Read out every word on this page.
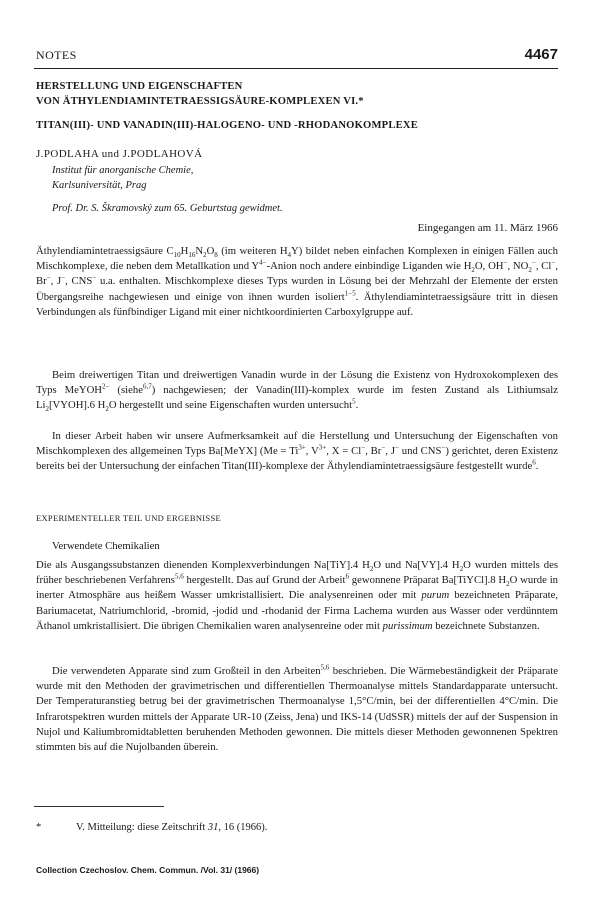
NOTES	4467
HERSTELLUNG UND EIGENSCHAFTEN
VON ÄTHYLENDIAMINTETRAESSIGSÄURE-KOMPLEXEN VI.*
TITAN(III)- UND VANADIN(III)-HALOGENO- UND -RHODANOKOMPLEXE
J.PODLAHA und J.PODLAHOVÁ
Institut für anorganische Chemie,
Karlsuniversität, Prag
Prof. Dr. S. Škramovský zum 65. Geburtstag gewidmet.
Eingegangen am 11. März 1966

Äthylendiamintetraessigsäure $C_{10}H_{16}N_2O_8$ (im weiteren $H_4Y$) bildet neben einfachen Komplexen in einigen Fällen auch Mischkomplexe, die neben dem Metallkation und $Y^{4-}$-Anion noch andere einbindige Liganden wie $H_2O$, OH−, $NO_2^-$, Cl−, Br−, J−, CNS− u.a. enthalten. Mischkomplexe dieses Typs wurden in Lösung bei der Mehrzahl der Elemente der ersten Übergangsreihe nachgewiesen und einige von ihnen wurden isoliert$^{1-5}$. Äthylendiamintetraessigsäure tritt in diesen Verbindungen als fünfbindiger Ligand mit einer nichtkoordinierten Carboxylgruppe auf.

Beim dreiwertigen Titan und dreiwertigen Vanadin wurde in der Lösung die Existenz von Hydroxokomplexen des Typs MeYOH$^{2-}$ (siehe$^{6,7}$) nachgewiesen; der Vanadin(III)-komplex wurde im festen Zustand als Lithiumsalz $Li_2[VYOH].6$ $H_2O$ hergestellt und seine Eigenschaften wurden untersucht$^5$.

In dieser Arbeit haben wir unsere Aufmerksamkeit auf die Herstellung und Untersuchung der Eigenschaften von Mischkomplexen des allgemeinen Typs Ba[MeYX] ($Me = Ti^{3+}$, $V^{3+}$, X = Cl−, Br−, J− und CNS−) gerichtet, deren Existenz bereits bei der Untersuchung der einfachen Titan(III)-komplexe der Äthylendiamintetraessigsäure festgestellt wurde$^6$.

EXPERIMENTELLER TEIL UND ERGEBNISSE
Verwendete Chemikalien

Die als Ausgangssubstanzen dienenden Komplexverbindungen Na[TiY].4 $H_2O$ und Na[VY].4 $H_2O$ wurden mittels des früher beschriebenen Verfahrens$^{5,6}$ hergestellt. Das auf Grund der Arbeit$^6$ gewonnene Präparat Ba[TiYCl].8 $H_2O$ wurde in inerter Atmosphäre aus heißem Wasser umkristallisiert. Die analysenreinen oder mit purum bezeichneten Präparate, Bariumacetat, Natriumchlorid, -bromid, -jodid und -rhodanid der Firma Lachema wurden aus Wasser oder verdünntem Äthanol umkristallisiert. Die übrigen Chemikalien waren analysenreine oder mit purissimum bezeichnete Substanzen.

Die verwendeten Apparate sind zum Großteil in den Arbeiten$^{5,6}$ beschrieben. Die Wärmebeständigkeit der Präparate wurde mit den Methoden der gravimetrischen und differentiellen Thermoanalyse mittels Standardapparate untersucht. Der Temperaturanstieg betrug bei der gravimetrischen Thermoanalyse 1,5°C/min, bei der differentiellen 4°C/min. Die Infrarotspektren wurden mittels der Apparate UR-10 (Zeiss, Jena) und IKS-14 (UdSSR) mittels der auf der Suspension in Nujol und Kaliumbromidtabletten beruhenden Methoden gewonnen. Die mittels dieser Methoden gewonnenen Spektren stimmten bis auf die Nujolbanden überein.

*	V. Mitteilung: diese Zeitschrift 31, 16 (1966).
Collection Czechoslov. Chem. Commun. /Vol. 31/ (1966)
